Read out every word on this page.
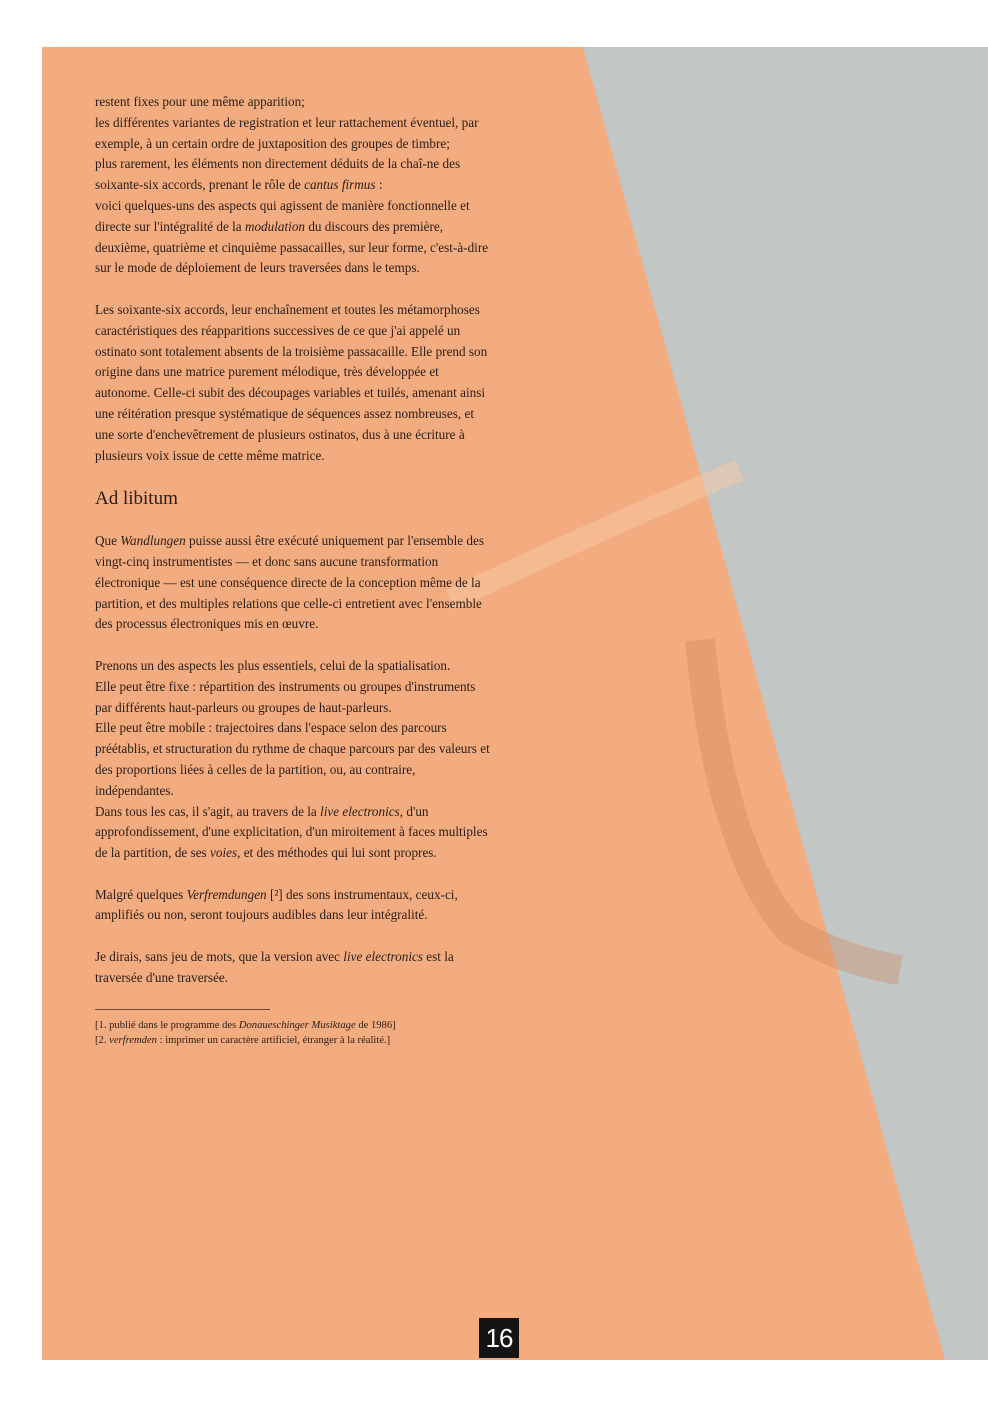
restent fixes pour une même apparition;
les différentes variantes de registration et leur rattachement éventuel, par exemple, à un certain ordre de juxtaposition des groupes de timbre;
plus rarement, les éléments non directement déduits de la chaî-ne des soixante-six accords, prenant le rôle de cantus firmus :
voici quelques-uns des aspects qui agissent de manière fonctionnelle et directe sur l'intégralité de la modulation du discours des première, deuxième, quatrième et cinquième passacailles, sur leur forme, c'est-à-dire sur le mode de déploiement de leurs traversées dans le temps.

Les soixante-six accords, leur enchaînement et toutes les métamorphoses caractéristiques des réapparitions successives de ce que j'ai appelé un ostinato sont totalement absents de la troisième passacaille. Elle prend son origine dans une matrice purement mélodique, très développée et autonome. Celle-ci subit des découpages variables et tuilés, amenant ainsi une réitération presque systématique de séquences assez nombreuses, et une sorte d'enchevêtrement de plusieurs ostinatos, dus à une écriture à plusieurs voix issue de cette même matrice.

Ad libitum

Que Wandlungen puisse aussi être exécuté uniquement par l'ensemble des vingt-cinq instrumentistes — et donc sans aucune transformation électronique — est une conséquence directe de la conception même de la partition, et des multiples relations que celle-ci entretient avec l'ensemble des processus électroniques mis en œuvre.

Prenons un des aspects les plus essentiels, celui de la spatialisation.
Elle peut être fixe : répartition des instruments ou groupes d'instruments par différents haut-parleurs ou groupes de haut-parleurs.
Elle peut être mobile : trajectoires dans l'espace selon des parcours préétablis, et structuration du rythme de chaque parcours par des valeurs et des proportions liées à celles de la partition, ou, au contraire, indépendantes.
Dans tous les cas, il s'agit, au travers de la live electronics, d'un approfondissement, d'une explicitation, d'un miroitement à faces multiples de la partition, de ses voies, et des méthodes qui lui sont propres.

Malgré quelques Verfremdungen [²] des sons instrumentaux, ceux-ci, amplifiés ou non, seront toujours audibles dans leur intégralité.

Je dirais, sans jeu de mots, que la version avec live electronics est la traversée d'une traversée.

[1. publié dans le programme des Donaueschinger Musiktage de 1986]
[2. verfremden : imprimer un caractère artificiel, étranger à la réalité.]
16
